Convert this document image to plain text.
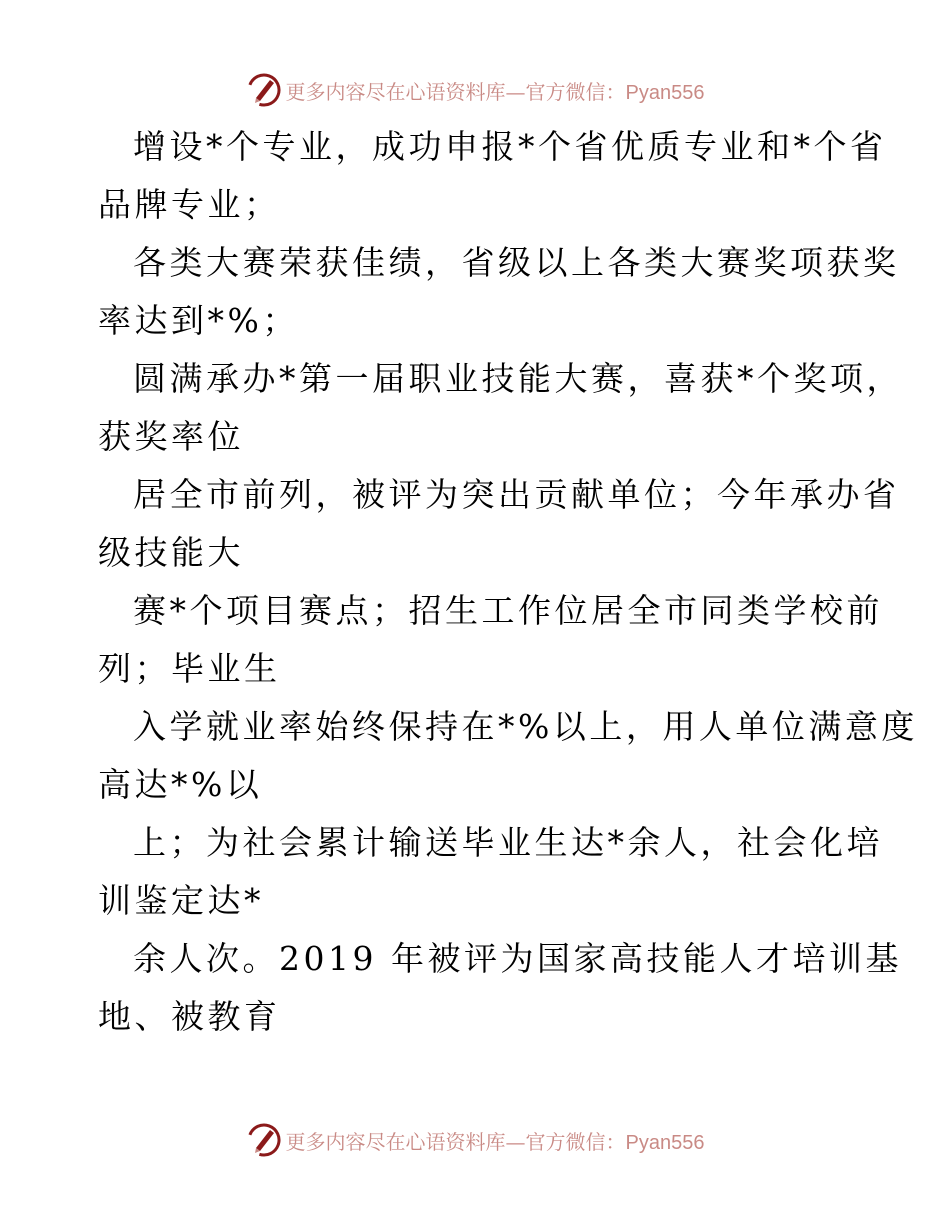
更多内容尽在心语资料库—官方微信：Pyan556

增设*个专业，成功申报*个省优质专业和*个省
品牌专业；

各类大赛荣获佳绩，省级以上各类大赛奖项获奖
率达到*%；

圆满承办*第一届职业技能大赛，喜获*个奖项，
获奖率位

居全市前列，被评为突出贡献单位；今年承办省
级技能大

赛*个项目赛点；招生工作位居全市同类学校前
列；毕业生

入学就业率始终保持在*%以上，用人单位满意度
高达*%以

上；为社会累计输送毕业生达*余人，社会化培
训鉴定达*

余人次。2019 年被评为国家高技能人才培训基
地、被教育

更多内容尽在心语资料库—官方微信：Pyan556
